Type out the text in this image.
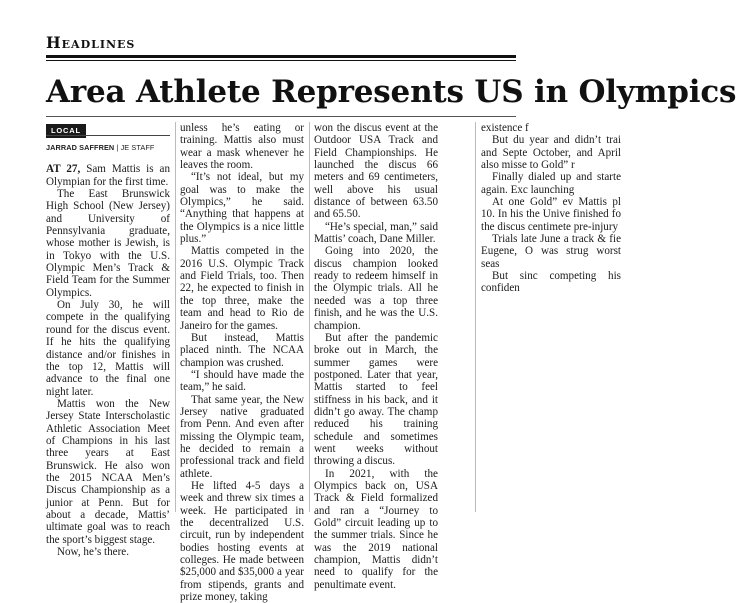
Headlines
Area Athlete Represents US in Olympics
LOCAL
JARRAD SAFFREN | JE STAFF

AT 27, Sam Mattis is an Olympian for the first time.

The East Brunswick High School (New Jersey) and University of Pennsylvania graduate, whose mother is Jewish, is in Tokyo with the U.S. Olympic Men’s Track & Field Team for the Summer Olympics.

On July 30, he will compete in the qualifying round for the discus event. If he hits the qualifying distance and/or finishes in the top 12, Mattis will advance to the final one night later.

Mattis won the New Jersey State Interscholastic Athletic Association Meet of Champions in his last three years at East Brunswick. He also won the 2015 NCAA Men’s Discus Championship as a junior at Penn. But for about a decade, Mattis’ ultimate goal was to reach the sport’s biggest stage.

Now, he’s there.

unless he’s eating or training. Mattis also must wear a mask whenever he leaves the room.

“It’s not ideal, but my goal was to make the Olympics,” he said. “Anything that happens at the Olympics is a nice little plus.”

Mattis competed in the 2016 U.S. Olympic Track and Field Trials, too. Then 22, he expected to finish in the top three, make the team and head to Rio de Janeiro for the games.

But instead, Mattis placed ninth. The NCAA champion was crushed.

“I should have made the team,” he said.

That same year, the New Jersey native graduated from Penn. And even after missing the Olympic team, he decided to remain a professional track and field athlete.

He lifted 4-5 days a week and threw six times a week. He participated in the decentralized U.S. circuit, run by independent bodies hosting events at colleges. He made between $25,000 and $35,000 a year from stipends, grants and prize money, taking

won the discus event at the Outdoor USA Track and Field Championships. He launched the discus 66 meters and 69 centimeters, well above his usual distance of between 63.50 and 65.50.

“He’s special, man,” said Mattis’ coach, Dane Miller.

Going into 2020, the discus champion looked ready to redeem himself in the Olympic trials. All he needed was a top three finish, and he was the U.S. champion.

But after the pandemic broke out in March, the summer games were postponed. Later that year, Mattis started to feel stiffness in his back, and it didn’t go away. The champ reduced his training schedule and sometimes went weeks without throwing a discus.

In 2021, with the Olympics back on, USA Track & Field formalized and ran a “Journey to Gold” circuit leading up to the summer trials. Since he was the 2019 national champion, Mattis didn’t need to qualify for the penultimate event.

existence f

But du year and didn’t trai and Septe October, and April also misse to Gold” r

Finally dialed up and starte again. Exc launching

At one Gold” ev Mattis pl 10. In his the Unive finished fo the discus centimete pre-injury

Trials late June a track & fie Eugene, O was strug worst seas

But sinc competing his confiden
